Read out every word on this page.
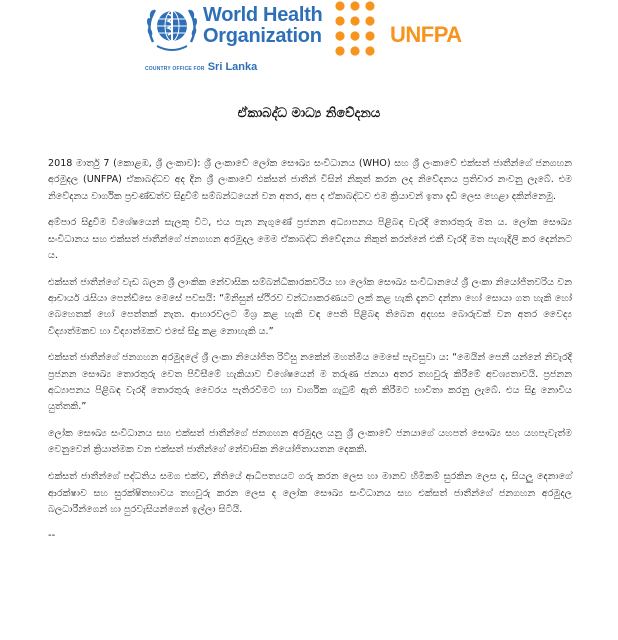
World Health
Organization
COUNTRY OFFICE FOR Sri Lanka
UNFPA
ඒකාබද්ධ මාධ්‍ය නිවේදනය

2018 මාර්තු 7 (කොළඹ, ශ්‍රී ලංකාව): ශ්‍රී ලංකාවේ ලෝක සෞඛ්‍ය සංවිධානය (WHO) සහ ශ්‍රී ලංකාවේ එක්සත් ජාතීන්ගේ ජනගහන අරමුදල (UNFPA) ඒකාබද්ධව අද දින ශ්‍රී ලංකාවේ එක්සත් ජාතීන් විසින් නිකුත් කරන ලද නිවේදනය ප්‍රතිචාර නංවනු ලැබේ. එම නිවේදනය වාර්ගික ප්‍රචණ්ඩත්ව සිදුවීම් සම්බන්ධයෙන් වන අතර, අප ද ඒකාබද්ධව එම ක්‍රියාවන් ඉතා දැඩි ලෙස හෙළා දකින්නෙමු.

අම්පාර සිදුවීම විශේෂයෙන් සැලකූ විට, එය පැන නැගුණේ ප්‍රජනන අධ්‍යාපනය පිළිබඳ වැරදි තොරතුරු මත ය. ලෝක සෞඛ්‍ය සංවිධානය සහ එක්සත් ජාතීන්ගේ ජනගහන අරමුදල මෙම ඒකාබද්ධ නිවේදනය නිකුත් කරන්නේ එකී වැරදි මත පැහැදිලි කර දෙන්නට ය.

එක්සත් ජාතීන්ගේ වැඩ බලන ශ්‍රී ලාංකික නේවාසික සම්බන්ධීකාරකවරිය හා ලෝක සෞඛ්‍ය සංවිධානයේ ශ්‍රී ලංකා නියෝජිතවරිය වන ආචාර්ය රැසියා පෙන්ඩ්සෙ මෙසේ පවසයි: “මිනිසුන් ස්ථිරව වන්ධ්‍යාකරණයට ලක් කළ හැකි දැනට දන්නා හෝ සොයා ගත හැකි හෝ බෙහෙතක් හෝ පෙත්තක් නැත. ආහාරවලට මිශ්‍ර කළ හැකි වඳ පෙති පිළිබඳ තිබෙන අදහස බොරුවක් වන අතර වෛද්‍ය විද්‍යාත්මකව හා විද්‍යාත්මකව එසේ සිදු කළ නොහැකි ය.”

එක්සත් ජාතීන්ගේ ජනගහන අරමුදලේ ශ්‍රී ලංකා නියෝජිත රිට්සු නකේන් මහත්මිය මෙසේ පැවසුවා ය: “මෙයින් පෙනී යන්නේ නිවැරදි ප්‍රජනන සෞඛ්‍ය තොරතුරු වෙත පිවිසීමේ හැකියාව විශේෂයෙන් ම තරුණ ජනයා අතර තහවුරු කිරීමේ අවශ්‍යතාවයි. ප්‍රජනන අධ්‍යාපනය පිළිබඳ වැරදි තොරතුරු වෛරය පැතිරවීමට හා වාර්ගික ගැටුම් ඇති කිරීමට භාවිතා කරනු ලැබේ. එය සිදු නොවිය යුත්තකි.”

ලෝක සෞඛ්‍ය සංවිධානය සහ එක්සත් ජාතීන්ගේ ජනගහන අරමුදල යනු ශ්‍රී ලංකාවේ ජනයාගේ යහපත් සෞඛ්‍ය සහ යහපැවැත්ම වෙනුවෙන් ක්‍රියාත්මක වන එක්සත් ජාතීන්ගේ නේවාසික නියෝජිතායතන දෙකකි.

එක්සත් ජාතීන්ගේ පද්ධතිය සමග එක්ව, නීතියේ ආධිපත්‍යයට ගරු කරන ලෙස හා මානව හිමිකම් සුරකින ලෙස ද, සියලු දෙනාගේ ආරක්ෂාව සහ සුරක්ෂිතභාවය තහවුරු කරන ලෙස ද ලෝක සෞඛ්‍ය සංවිධානය සහ එක්සත් ජාතීන්ගේ ජනගහන අරමුදල බලධාරීන්ගෙන් හා පුරවැසියන්ගෙන් ඉල්ලා සිටියි.

--
